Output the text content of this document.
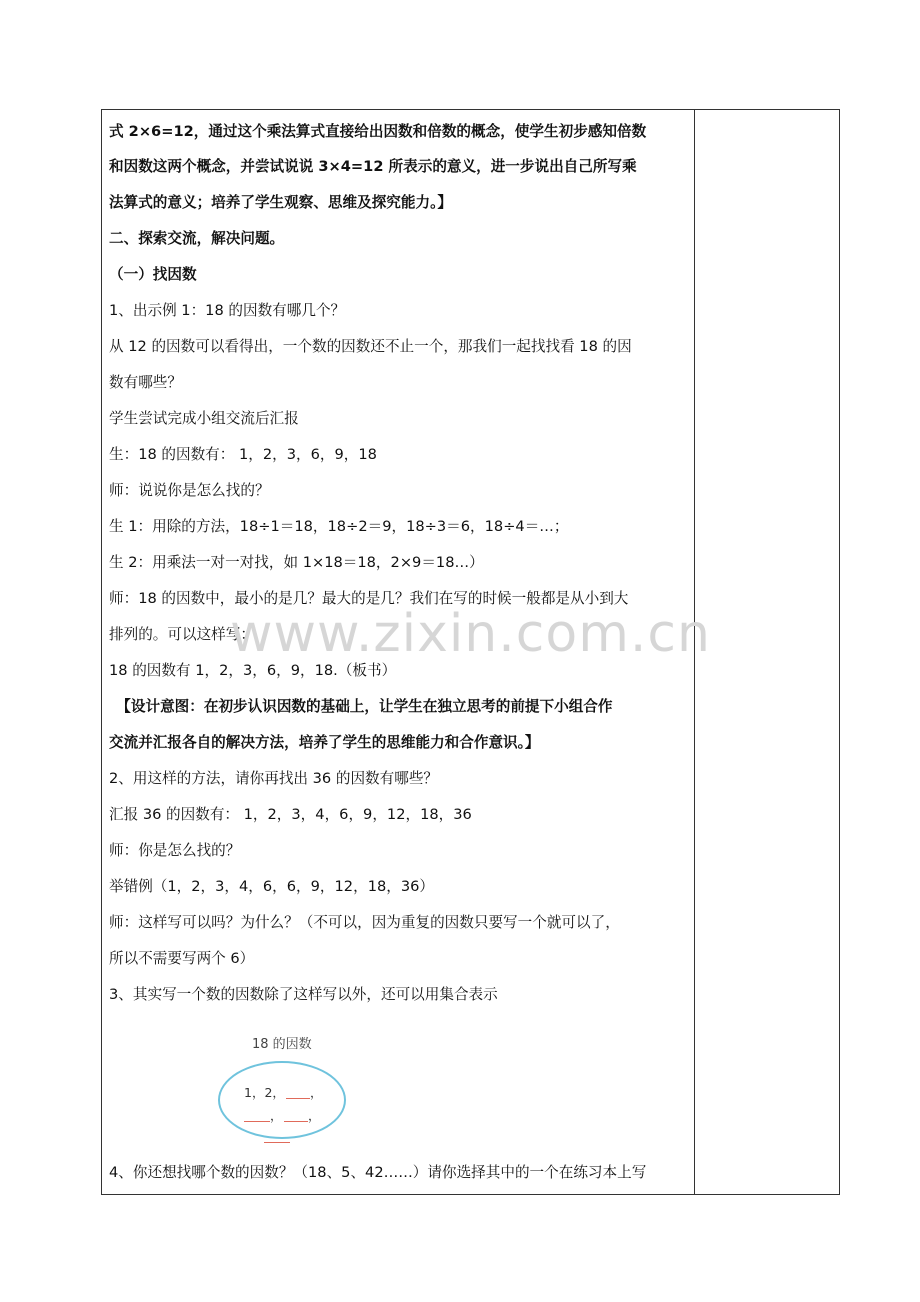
式 2×6=12，通过这个乘法算式直接给出因数和倍数的概念，使学生初步感知倍数
和因数这两个概念，并尝试说说 3×4=12 所表示的意义，进一步说出自己所写乘
法算式的意义；培养了学生观察、思维及探究能力。】
二、探索交流，解决问题。
（一）找因数
1、出示例 1：18 的因数有哪几个？
从 12 的因数可以看得出，一个数的因数还不止一个，那我们一起找找看 18 的因
数有哪些？
学生尝试完成小组交流后汇报
生：18 的因数有： 1，2，3，6，9，18
师：说说你是怎么找的？
生 1：用除的方法，18÷1＝18，18÷2＝9，18÷3＝6，18÷4＝…；
生 2：用乘法一对一对找，如 1×18＝18，2×9＝18…）
师：18 的因数中，最小的是几？最大的是几？我们在写的时候一般都是从小到大
排列的。可以这样写：
18 的因数有 1，2，3，6，9，18.（板书）
　【设计意图：在初步认识因数的基础上，让学生在独立思考的前提下小组合作
交流并汇报各自的解决方法，培养了学生的思维能力和合作意识。】
2、用这样的方法，请你再找出 36 的因数有哪些？
汇报 36 的因数有： 1，2，3，4，6，9，12，18，36
师：你是怎么找的？
举错例（1，2，3，4，6，6，9，12，18，36）
师：这样写可以吗？为什么？（不可以，因为重复的因数只要写一个就可以了，
所以不需要写两个 6）
3、其实写一个数的因数除了这样写以外，还可以用集合表示
4、你还想找哪个数的因数？（18、5、42……）请你选择其中的一个在练习本上写
18 的因数
1，2， ，
， ，
www.zixin.com.cn
